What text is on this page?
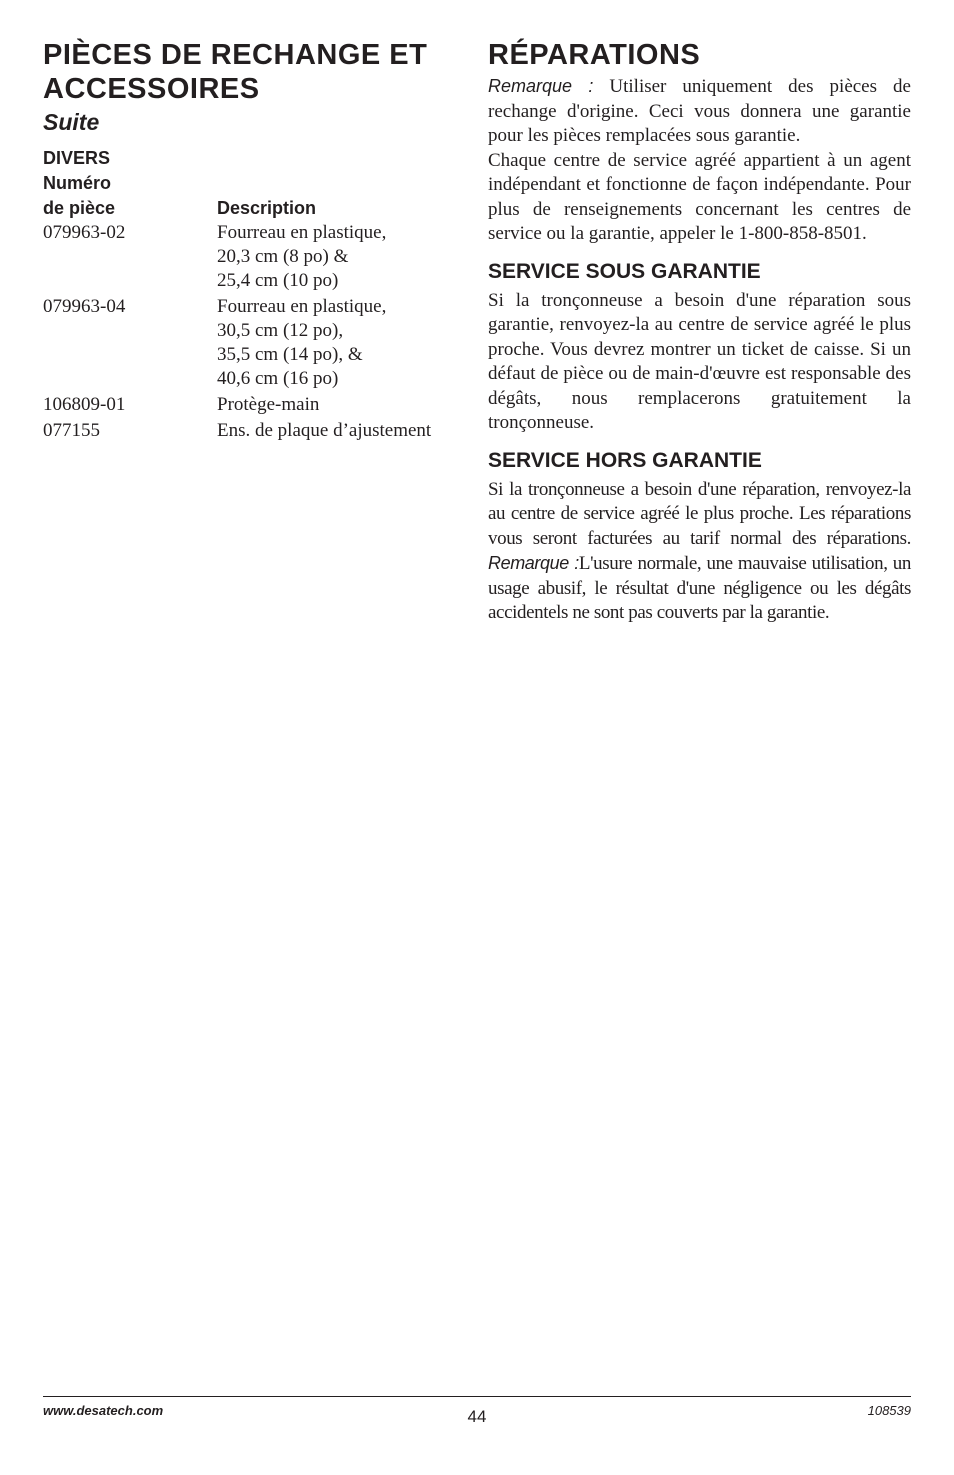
PIÈCES DE RECHANGE ET ACCESSOIRES
Suite
DIVERS
Numéro
de pièce	Description
079963-02	Fourreau en plastique,
20,3 cm (8 po) &
25,4 cm (10 po)
079963-04	Fourreau en plastique,
30,5 cm (12 po),
35,5 cm (14 po), &
40,6 cm (16 po)
106809-01	Protège-main
077155	Ens. de plaque d’ajustement
RÉPARATIONS

Remarque : Utiliser uniquement des pièces de rechange d'origine. Ceci vous donnera une garantie pour les pièces remplacées sous garantie.

Chaque centre de service agréé appartient à un agent indépendant et fonctionne de façon indépendante. Pour plus de renseignements concernant les centres de service ou la garantie, appeler le 1-800-858-8501.

SERVICE SOUS GARANTIE

Si la tronçonneuse a besoin d'une réparation sous garantie, renvoyez-la au centre de service agréé le plus proche. Vous devrez montrer un ticket de caisse. Si un défaut de pièce ou de main-d'œuvre est responsable des dégâts, nous remplacerons gratuitement la tronçonneuse.

SERVICE HORS GARANTIE

Si la tronçonneuse a besoin d'une réparation, renvoyez-la au centre de service agréé le plus proche. Les réparations vous seront facturées au tarif normal des réparations. Remarque :L'usure normale, une mauvaise utilisation, un usage abusif, le résultat d'une négligence ou les dégâts accidentels ne sont pas couverts par la garantie.

www.desatech.com	44	108539
